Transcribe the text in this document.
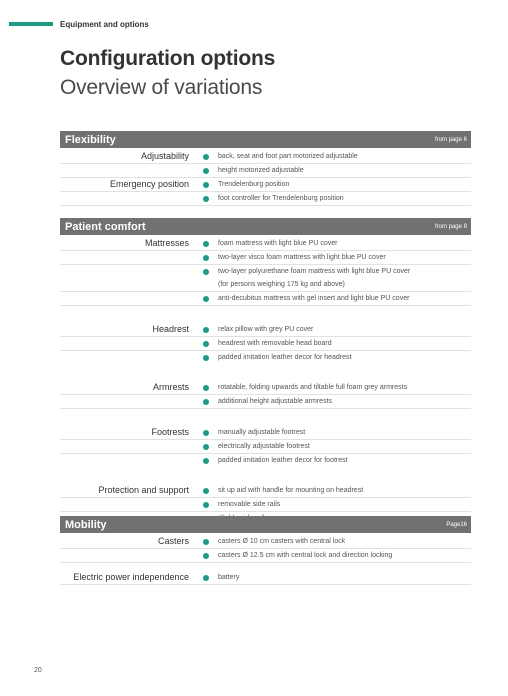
Equipment and options
Configuration options
Overview of variations
Flexibility	from page 6
Adjustability	back, seat and foot part motorized adjustable
height motorized adjustable
Emergency position	Trendelenburg position
foot controller for Trendelenburg position
Patient comfort	from page 8
Mattresses	foam mattress with light blue PU cover
two-layer visco foam mattress with light blue PU cover
two-layer polyurethane foam mattress with light blue PU cover
(for persons weighing 175 kg and above)
anti-decubitus mattress with gel insert and light blue PU cover
Headrest	relax pillow with grey PU cover
headrest with removable head board
padded imitation leather decor for headrest
Armrests	rotatable, folding upwards and tiltable full foam grey armrests
additional height adjustable armrests
Footrests	manually adjustable footrest
electrically adjustable footrest
padded imitation leather decor for footrest
Protection and support	sit up aid with handle for mounting on headrest
removable side rails
Mobility	Page16
Casters	casters Ø 10 cm casters with central lock
casters Ø 12.5 cm with central lock and direction locking
Electric power independence	battery
20
